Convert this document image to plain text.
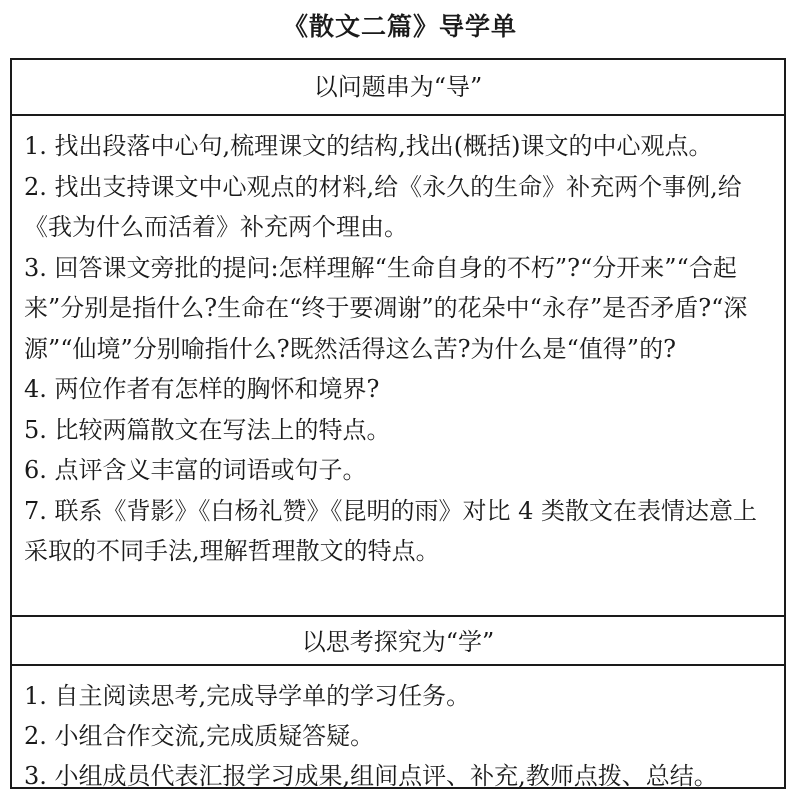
《散文二篇》导学单
以问题串为“导”

1. 找出段落中心句,梳理课文的结构,找出(概括)课文的中心观点。

2. 找出支持课文中心观点的材料,给《永久的生命》补充两个事例,给《我为什么而活着》补充两个理由。

3. 回答课文旁批的提问:怎样理解“生命自身的不朽”?“分开来”“合起来”分别是指什么?生命在“终于要凋谢”的花朵中“永存”是否矛盾?“深源”“仙境”分别喻指什么?既然活得这么苦?为什么是“值得”的?

4. 两位作者有怎样的胸怀和境界?

5. 比较两篇散文在写法上的特点。

6. 点评含义丰富的词语或句子。

7. 联系《背影》《白杨礼赞》《昆明的雨》对比 4 类散文在表情达意上采取的不同手法,理解哲理散文的特点。

以思考探究为“学”

1. 自主阅读思考,完成导学单的学习任务。

2. 小组合作交流,完成质疑答疑。

3. 小组成员代表汇报学习成果,组间点评、补充,教师点拨、总结。
